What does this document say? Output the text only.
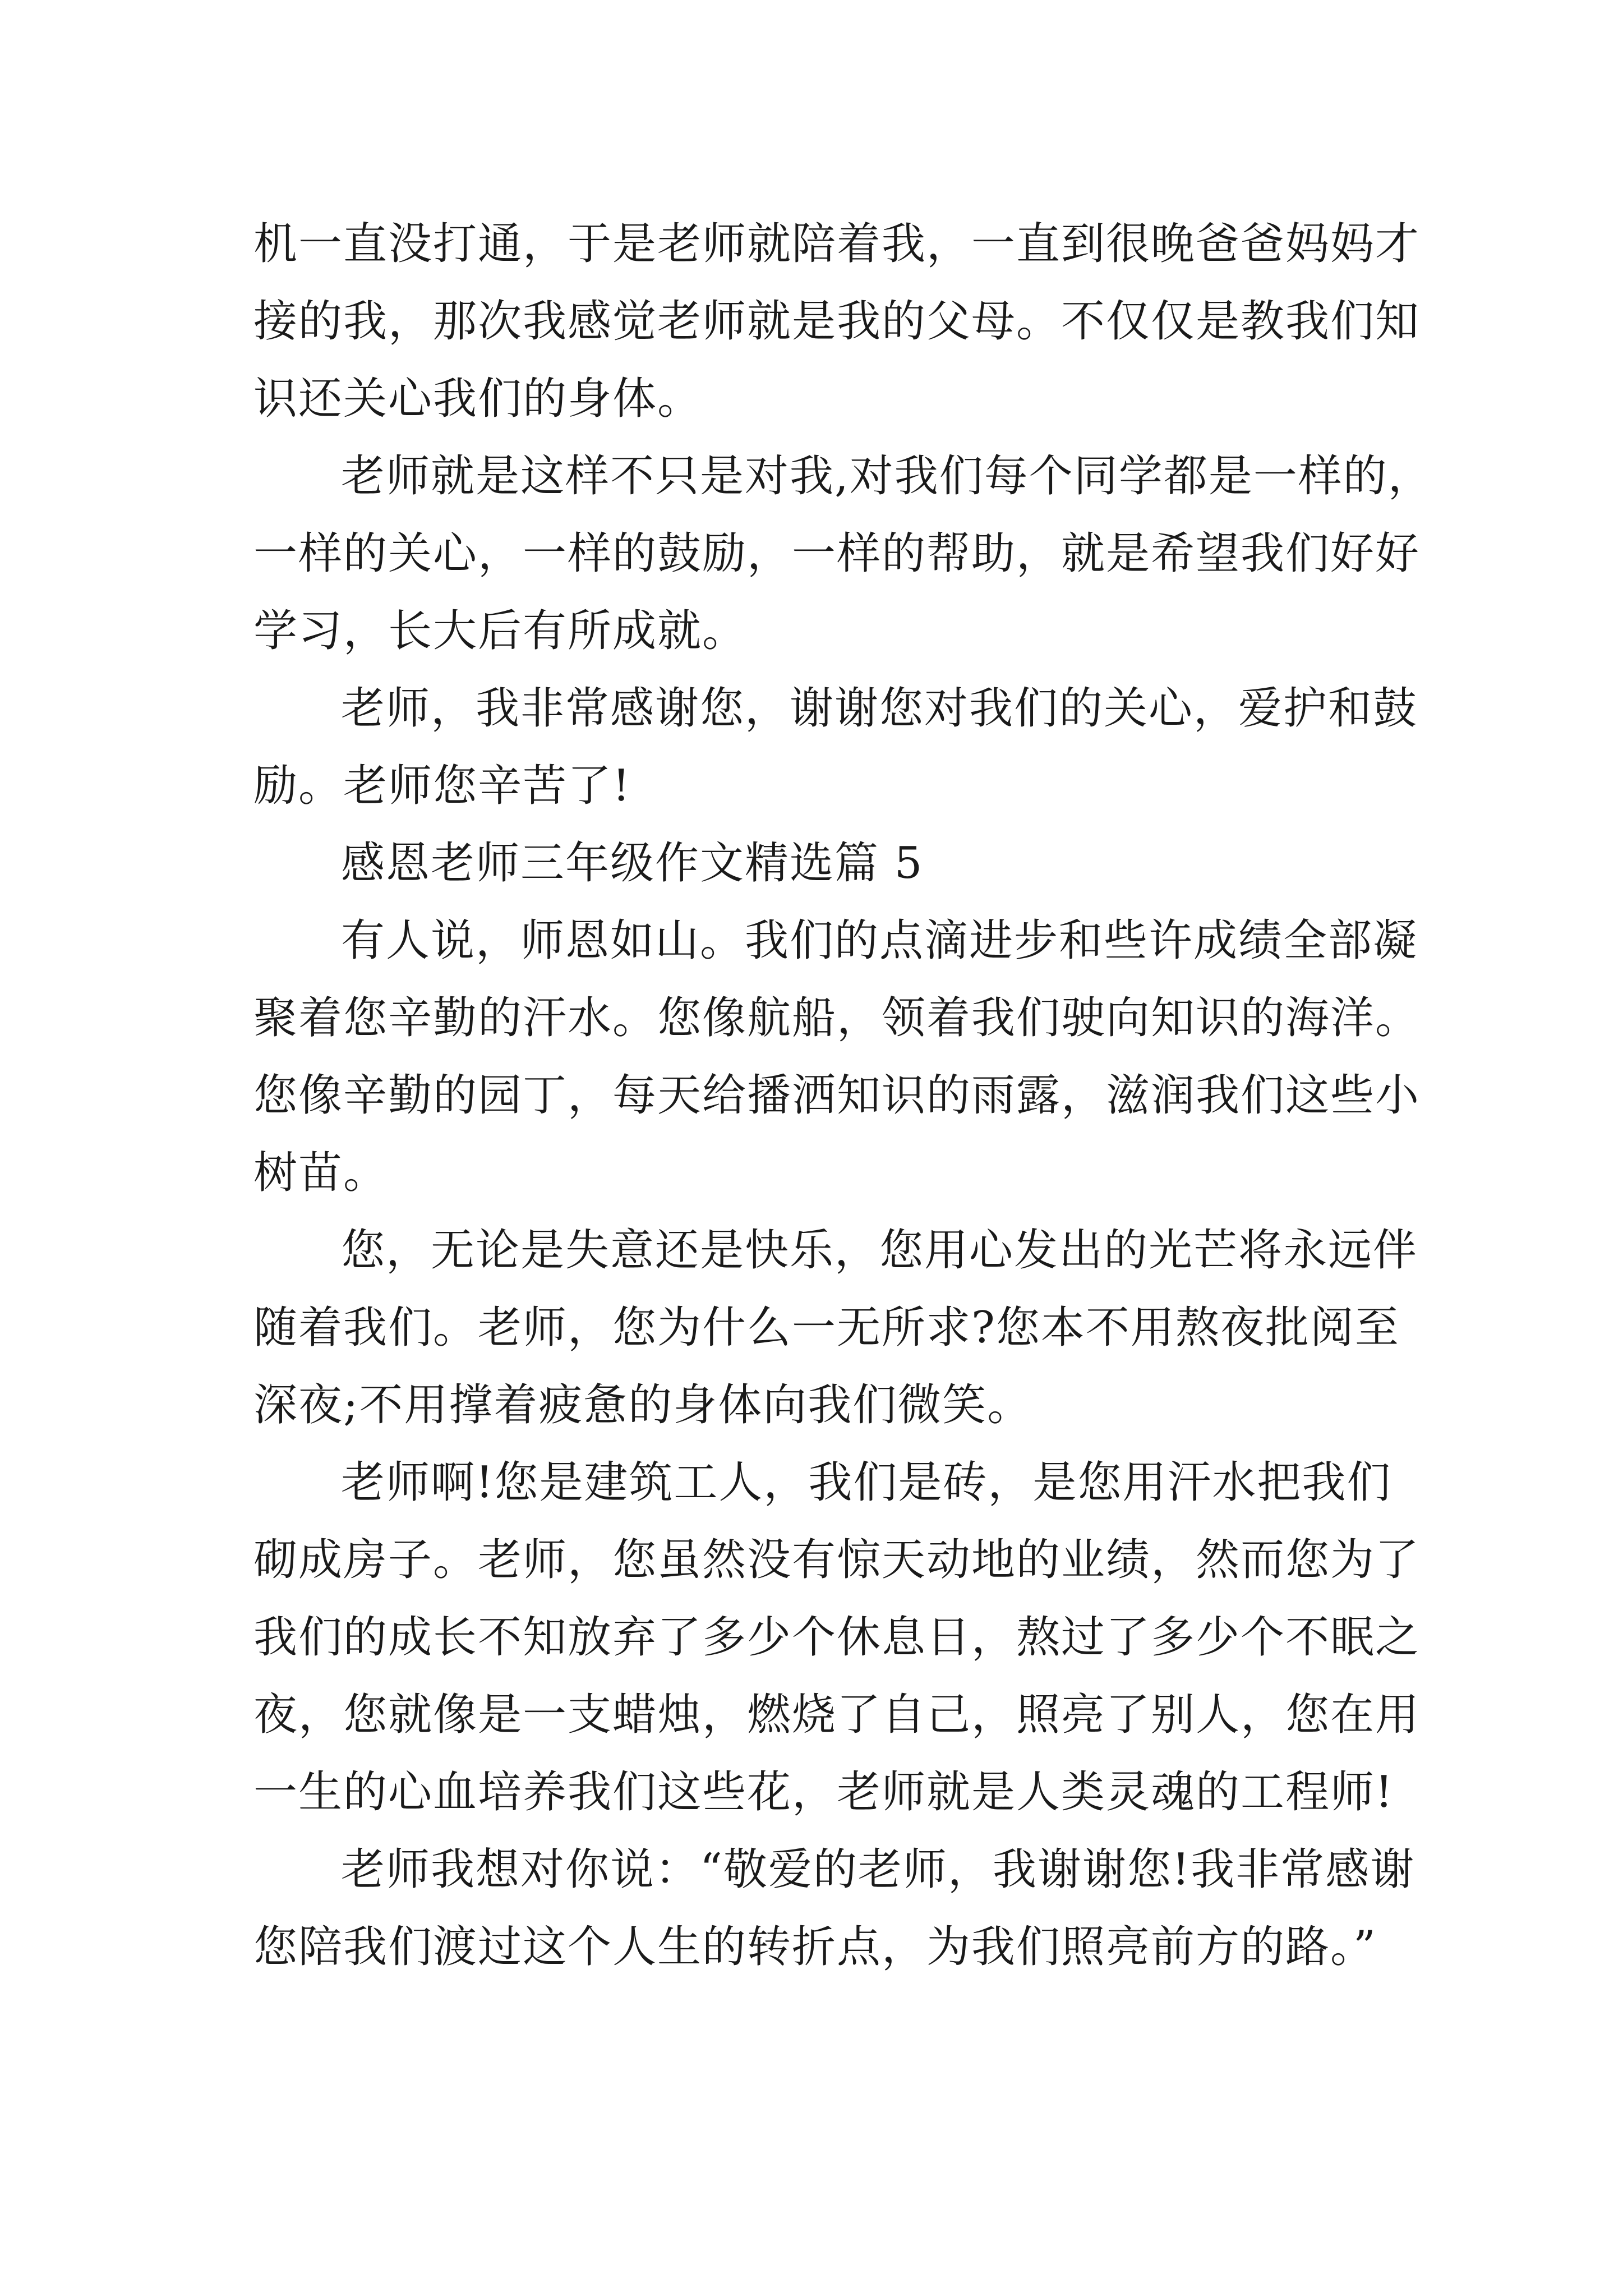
机一直没打通，于是老师就陪着我，一直到很晚爸爸妈妈才
接的我，那次我感觉老师就是我的父母。不仅仅是教我们知
识还关心我们的身体。
老师就是这样不只是对我,对我们每个同学都是一样的，
一样的关心，一样的鼓励，一样的帮助，就是希望我们好好
学习，长大后有所成就。
老师，我非常感谢您，谢谢您对我们的关心，爱护和鼓
励。老师您辛苦了!
感恩老师三年级作文精选篇 5
有人说，师恩如山。我们的点滴进步和些许成绩全部凝
聚着您辛勤的汗水。您像航船，领着我们驶向知识的海洋。
您像辛勤的园丁，每天给播洒知识的雨露，滋润我们这些小
树苗。
您，无论是失意还是快乐，您用心发出的光芒将永远伴
随着我们。老师，您为什么一无所求?您本不用熬夜批阅至
深夜;不用撑着疲惫的身体向我们微笑。
老师啊!您是建筑工人，我们是砖，是您用汗水把我们
砌成房子。老师，您虽然没有惊天动地的业绩，然而您为了
我们的成长不知放弃了多少个休息日，熬过了多少个不眠之
夜，您就像是一支蜡烛，燃烧了自己，照亮了别人，您在用
一生的心血培养我们这些花，老师就是人类灵魂的工程师!
老师我想对你说：“敬爱的老师，我谢谢您!我非常感谢
您陪我们渡过这个人生的转折点，为我们照亮前方的路。”
